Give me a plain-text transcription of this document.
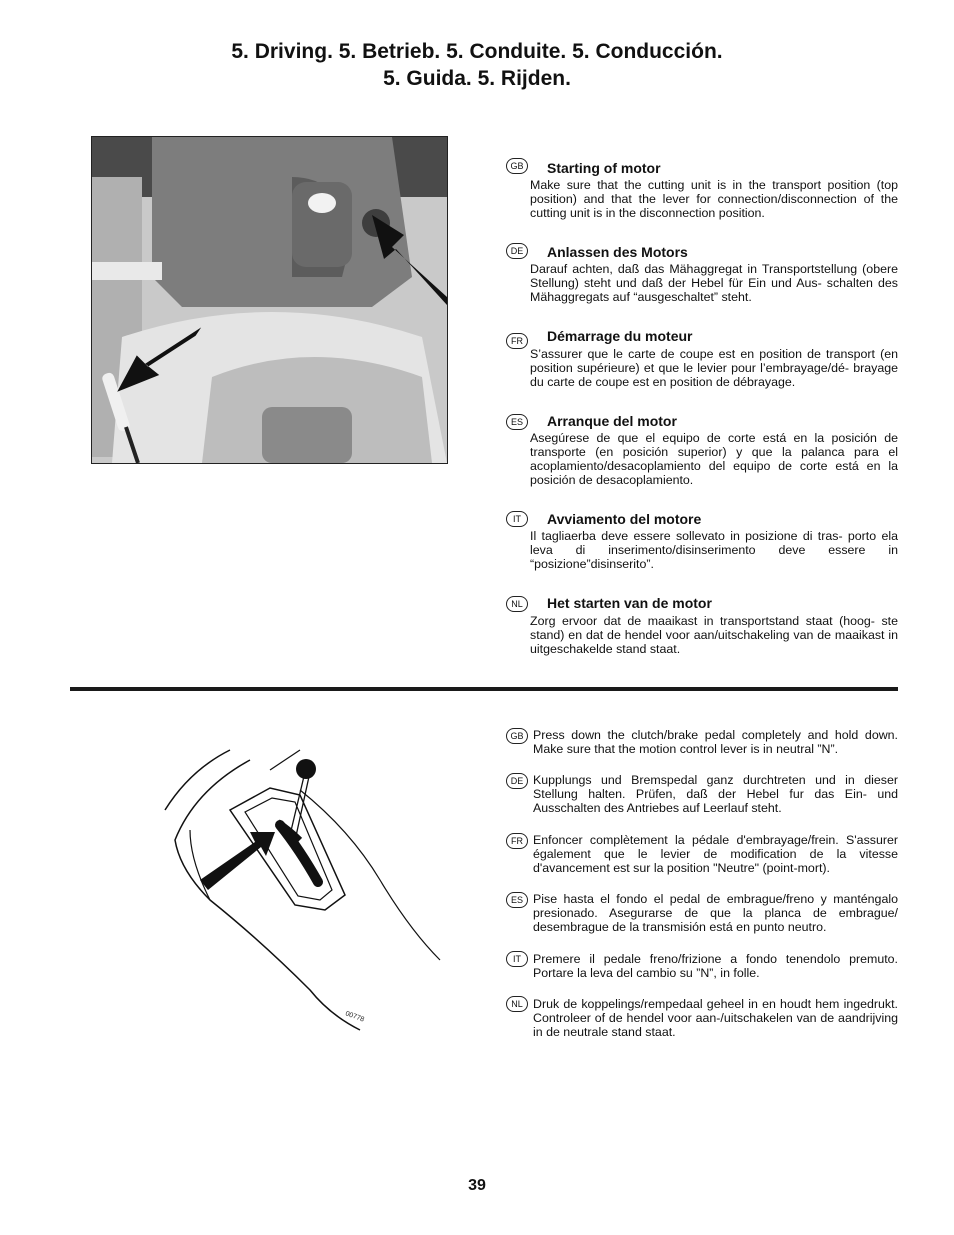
5. Driving. 5. Betrieb. 5. Conduite. 5. Conducción.
5. Guida. 5. Rijden.
GB	Starting of motor
Make sure that the cutting unit is in the transport position (top position) and that the lever for connection/disconnection of the cutting unit is in the disconnection position.
DE	Anlassen des Motors
Darauf achten, daß das Mähaggregat in Transportstellung (obere Stellung) steht und daß der Hebel für Ein und Aus- schalten des Mähaggregats auf “ausgeschaltet” steht.
FR	Démarrage du moteur
S’assurer que le carte de coupe est en position de transport (en position supérieure) et que le levier pour l’embrayage/dé- brayage du carte de coupe est en position de débrayage.
ES	Arranque del motor
Asegúrese de que el equipo de corte está en la posición de transporte (en posición superior) y que la palanca para el acoplamiento/desacoplamiento del equipo de corte está en la posición de desacoplamiento.
IT	Avviamento del motore
Il tagliaerba deve essere sollevato in posizione di tras- porto ela leva di inserimento/disinserimento deve essere in “posizione”disinserito”.
NL	Het starten van de motor
Zorg ervoor dat de maaikast in transportstand staat (hoog- ste stand) en dat de hendel voor aan/uitschakeling van de maaikast in uitgeschakelde stand staat.
00778
GB Press down the clutch/brake pedal completely and hold down. Make sure that the motion control lever is in neutral ”N”.
DE Kupplungs und Bremspedal ganz durchtreten und in dieser Stellung halten. Prüfen, daß der Hebel fur das Ein- und Ausschalten des Antriebes auf Leerlauf steht.
FR Enfoncer complètement la pédale d'embrayage/frein. S'assurer également que le levier de modification de la vitesse d'avancement est sur la position "Neutre" (point-mort).
ES Pise hasta el fondo el pedal de embrague/freno y manténgalo presionado. Asegurarse de que la planca de embrague/ desembrague de la transmisión está en punto neutro.
IT Premere il pedale freno/frizione a fondo tenendolo premuto. Portare la leva del cambio su ”N”, in folle.
NL Druk de koppelings/rempedaal geheel in en houdt hem ingedrukt. Controleer of de hendel voor aan-/uitschakelen van de aandrijving in de neutrale stand staat.
39
